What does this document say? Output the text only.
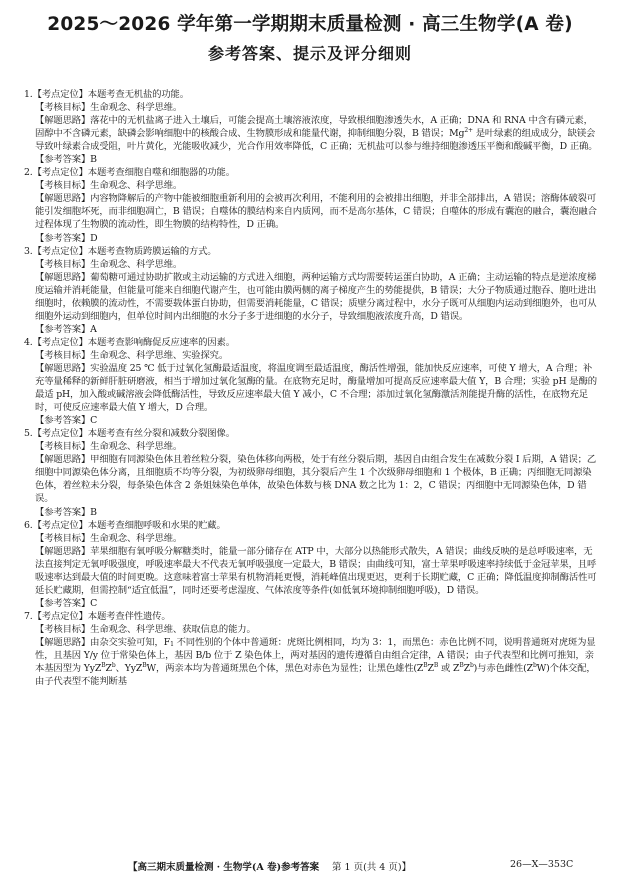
2025～2026 学年第一学期期末质量检测 · 高三生物学(A 卷)
参考答案、提示及评分细则

1.【考点定位】本题考查无机盐的功能。

【考核目标】生命观念、科学思维。

【解题思路】落花中的无机盐离子进入土壤后，可能会提高土壤溶液浓度，导致根细胞渗透失水，A 正确；DNA 和 RNA 中含有磷元素，固醇中不含磷元素，缺磷会影响细胞中的核酸合成、生物膜形成和能量代谢，抑制细胞分裂，B 错误；$Mg^{2+}$ 是叶绿素的组成成分，缺镁会导致叶绿素合成受阻，叶片黄化，光能吸收减少，光合作用效率降低，C 正确；无机盐可以参与维持细胞渗透压平衡和酸碱平衡，D 正确。

【参考答案】B

2.【考点定位】本题考查细胞自噬和细胞器的功能。

【考核目标】生命观念、科学思维。

【解题思路】内容物降解后的产物中能被细胞重新利用的会被再次利用，不能利用的会被排出细胞，并非全部排出，A 错误；溶酶体破裂可能引发细胞坏死，而非细胞凋亡，B 错误；自噬体的膜结构来自内质网，而不是高尔基体，C 错误；自噬体的形成有囊泡的融合，囊泡融合过程体现了生物膜的流动性，即生物膜的结构特性，D 正确。

【参考答案】D

3.【考点定位】本题考查物质跨膜运输的方式。

【考核目标】生命观念、科学思维。

【解题思路】葡萄糖可通过协助扩散或主动运输的方式进入细胞，两种运输方式均需要转运蛋白协助，A 正确；主动运输的特点是逆浓度梯度运输并消耗能量，但能量可能来自细胞代谢产生，也可能由膜两侧的离子梯度产生的势能提供，B 错误；大分子物质通过胞吞、胞吐进出细胞时，依赖膜的流动性，不需要载体蛋白协助，但需要消耗能量，C 错误；质壁分离过程中，水分子既可从细胞内运动到细胞外，也可从细胞外运动到细胞内，但单位时间内出细胞的水分子多于进细胞的水分子，导致细胞液浓度升高，D 错误。

【参考答案】A

4.【考点定位】本题考查影响酶促反应速率的因素。

【考核目标】生命观念、科学思维、实验探究。

【解题思路】实验温度 25 ℃ 低于过氧化氢酶最适温度，将温度调至最适温度，酶活性增强，能加快反应速率，可使 Y 增大，A 合理；补充等量稀释的新鲜肝脏研磨液，相当于增加过氧化氢酶的量。在底物充足时，酶量增加可提高反应速率最大值 Y，B 合理；实验 pH 是酶的最适 pH，加入酸或碱溶液会降低酶活性，导致反应速率最大值 Y 减小，C 不合理；添加过氧化氢酶激活剂能提升酶的活性，在底物充足时，可使反应速率最大值 Y 增大，D 合理。

【参考答案】C

5.【考点定位】本题考查有丝分裂和减数分裂图像。

【考核目标】生命观念、科学思维。

【解题思路】甲细胞有同源染色体且着丝粒分裂，染色体移向两极，处于有丝分裂后期，基因自由组合发生在减数分裂 Ⅰ 后期，A 错误；乙细胞中同源染色体分离，且细胞质不均等分裂，为初级卵母细胞，其分裂后产生 1 个次级卵母细胞和 1 个极体，B 正确；丙细胞无同源染色体，着丝粒未分裂，每条染色体含 2 条姐妹染色单体，故染色体数与核 DNA 数之比为 1：2，C 错误；丙细胞中无同源染色体，D 错误。

【参考答案】B

6.【考点定位】本题考查细胞呼吸和水果的贮藏。

【考核目标】生命观念、科学思维。

【解题思路】苹果细胞有氧呼吸分解糖类时，能量一部分储存在 ATP 中，大部分以热能形式散失，A 错误；曲线反映的是总呼吸速率，无法直接判定无氧呼吸强度，呼吸速率最大不代表无氧呼吸强度一定最大，B 错误；由曲线可知，富士苹果呼吸速率持续低于金冠苹果，且呼吸速率达到最大值的时间更晚。这意味着富士苹果有机物消耗更慢，消耗峰值出现更迟，更利于长期贮藏，C 正确；降低温度抑制酶活性可延长贮藏期，但需控制“适宜低温”，同时还要考虑湿度、气体浓度等条件(如低氧环境抑制细胞呼吸)，D 错误。

【参考答案】C

7.【考点定位】本题考查伴性遗传。

【考核目标】生命观念、科学思维、获取信息的能力。

【解题思路】由杂交实验可知，$F_1$ 不同性别的个体中普通斑：虎斑比例相同，均为 3：1，而黑色：赤色比例不同，说明普通斑对虎斑为显性，且基因 Y/y 位于常染色体上，基因 B/b 位于 Z 染色体上，两对基因的遗传遵循自由组合定律，A 错误；由子代表型和比例可推知，亲本基因型为 $YyZ^BZ^b$、YyZ$^B$W，两亲本均为普通斑黑色个体，黑色对赤色为显性；让黑色雄性($Z^BZ^B$ 或 $Z^BZ^b$)与赤色雌性$(Z^bW)$个体交配，由子代表型不能判断基

【高三期末质量检测 · 生物学(A 卷)参考答案 第 1 页(共 4 页)】	26—X—353C
